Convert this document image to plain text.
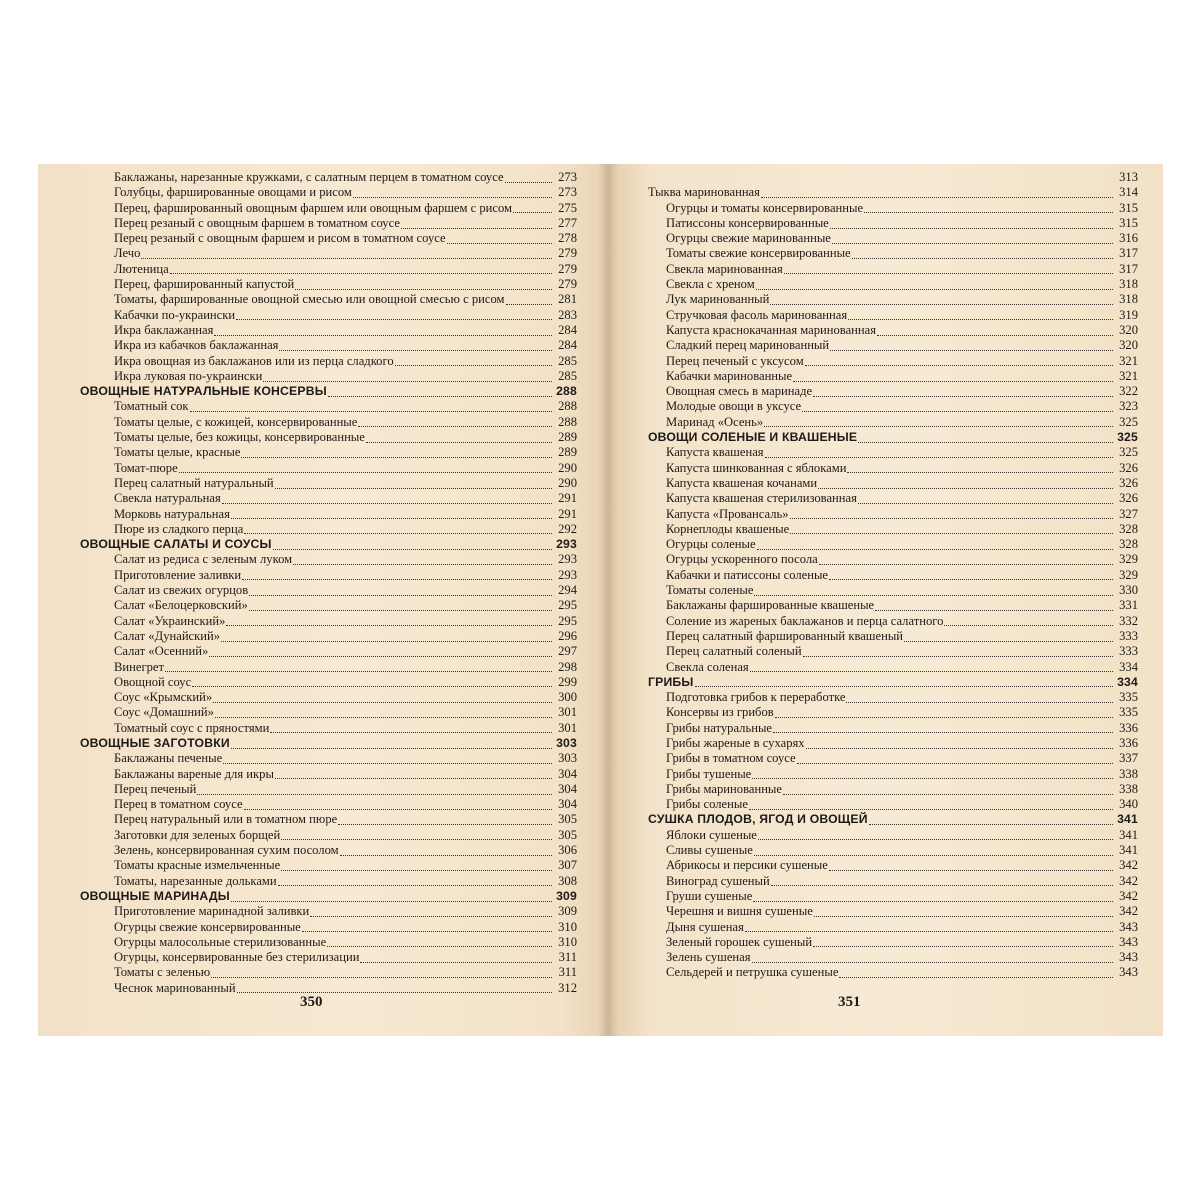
Баклажаны, нарезанные кружками, с салатным перцем в томатном соусе	273
Голубцы, фаршированные овощами и рисом	273
Перец, фаршированный овощным фаршем или овощным фаршем с рисом	275
Перец резаный с овощным фаршем в томатном соусе	277
Перец резаный с овощным фаршем и рисом в томатном соусе	278
Лечо	279
Лютеница	279
Перец, фаршированный капустой	279
Томаты, фаршированные овощной смесью или овощной смесью с рисом	281
Кабачки по-украински	283
Икра баклажанная	284
Икра из кабачков баклажанная	284
Икра овощная из баклажанов или из перца сладкого	285
Икра луковая по-украински	285
ОВОЩНЫЕ НАТУРАЛЬНЫЕ КОНСЕРВЫ	288
Томатный сок	288
Томаты целые, с кожицей, консервированные	288
Томаты целые, без кожицы, консервированные	289
Томаты целые, красные	289
Томат-пюре	290
Перец салатный натуральный	290
Свекла натуральная	291
Морковь натуральная	291
Пюре из сладкого перца	292
ОВОЩНЫЕ САЛАТЫ И СОУСЫ	293
Салат из редиса с зеленым луком	293
Приготовление заливки	293
Салат из свежих огурцов	294
Салат «Белоцерковский»	295
Салат «Украинский»	295
Салат «Дунайский»	296
Салат «Осенний»	297
Винегрет	298
Овощной соус	299
Соус «Крымский»	300
Соус «Домашний»	301
Томатный соус с пряностями	301
ОВОЩНЫЕ ЗАГОТОВКИ	303
Баклажаны печеные	303
Баклажаны вареные для икры	304
Перец печеный	304
Перец в томатном соусе	304
Перец натуральный или в томатном пюре	305
Заготовки для зеленых борщей	305
Зелень, консервированная сухим посолом	306
Томаты красные измельченные	307
Томаты, нарезанные дольками	308
ОВОЩНЫЕ МАРИНАДЫ	309
Приготовление маринадной заливки	309
Огурцы свежие консервированные	310
Огурцы малосольные стерилизованные	310
Огурцы, консервированные без стерилизации	311
Томаты с зеленью	311
Чеснок маринованный	312
350
313
Тыква маринованная	314
Огурцы и томаты консервированные	315
Патиссоны консервированные	315
Огурцы свежие маринованные	316
Томаты свежие консервированные	317
Свекла маринованная	317
Свекла с хреном	318
Лук маринованный	318
Стручковая фасоль маринованная	319
Капуста краснокачанная маринованная	320
Сладкий перец маринованный	320
Перец печеный с уксусом	321
Кабачки маринованные	321
Овощная смесь в маринаде	322
Молодые овощи в уксусе	323
Маринад «Осень»	325
ОВОЩИ СОЛЕНЫЕ И КВАШЕНЫЕ	325
Капуста квашеная	325
Капуста шинкованная с яблоками	326
Капуста квашеная кочанами	326
Капуста квашеная стерилизованная	326
Капуста «Провансаль»	327
Корнеплоды квашеные	328
Огурцы соленые	328
Огурцы ускоренного посола	329
Кабачки и патиссоны соленые	329
Томаты соленые	330
Баклажаны фаршированные квашеные	331
Соление из жареных баклажанов и перца салатного	332
Перец салатный фаршированный квашеный	333
Перец салатный соленый	333
Свекла соленая	334
ГРИБЫ	334
Подготовка грибов к переработке	335
Консервы из грибов	335
Грибы натуральные	336
Грибы жареные в сухарях	336
Грибы в томатном соусе	337
Грибы тушеные	338
Грибы маринованные	338
Грибы соленые	340
СУШКА ПЛОДОВ, ЯГОД И ОВОЩЕЙ	341
Яблоки сушеные	341
Сливы сушеные	341
Абрикосы и персики сушеные	342
Виноград сушеный	342
Груши сушеные	342
Черешня и вишня сушеные	342
Дыня сушеная	343
Зеленый горошек сушеный	343
Зелень сушеная	343
Сельдерей и петрушка сушеные	343
351
